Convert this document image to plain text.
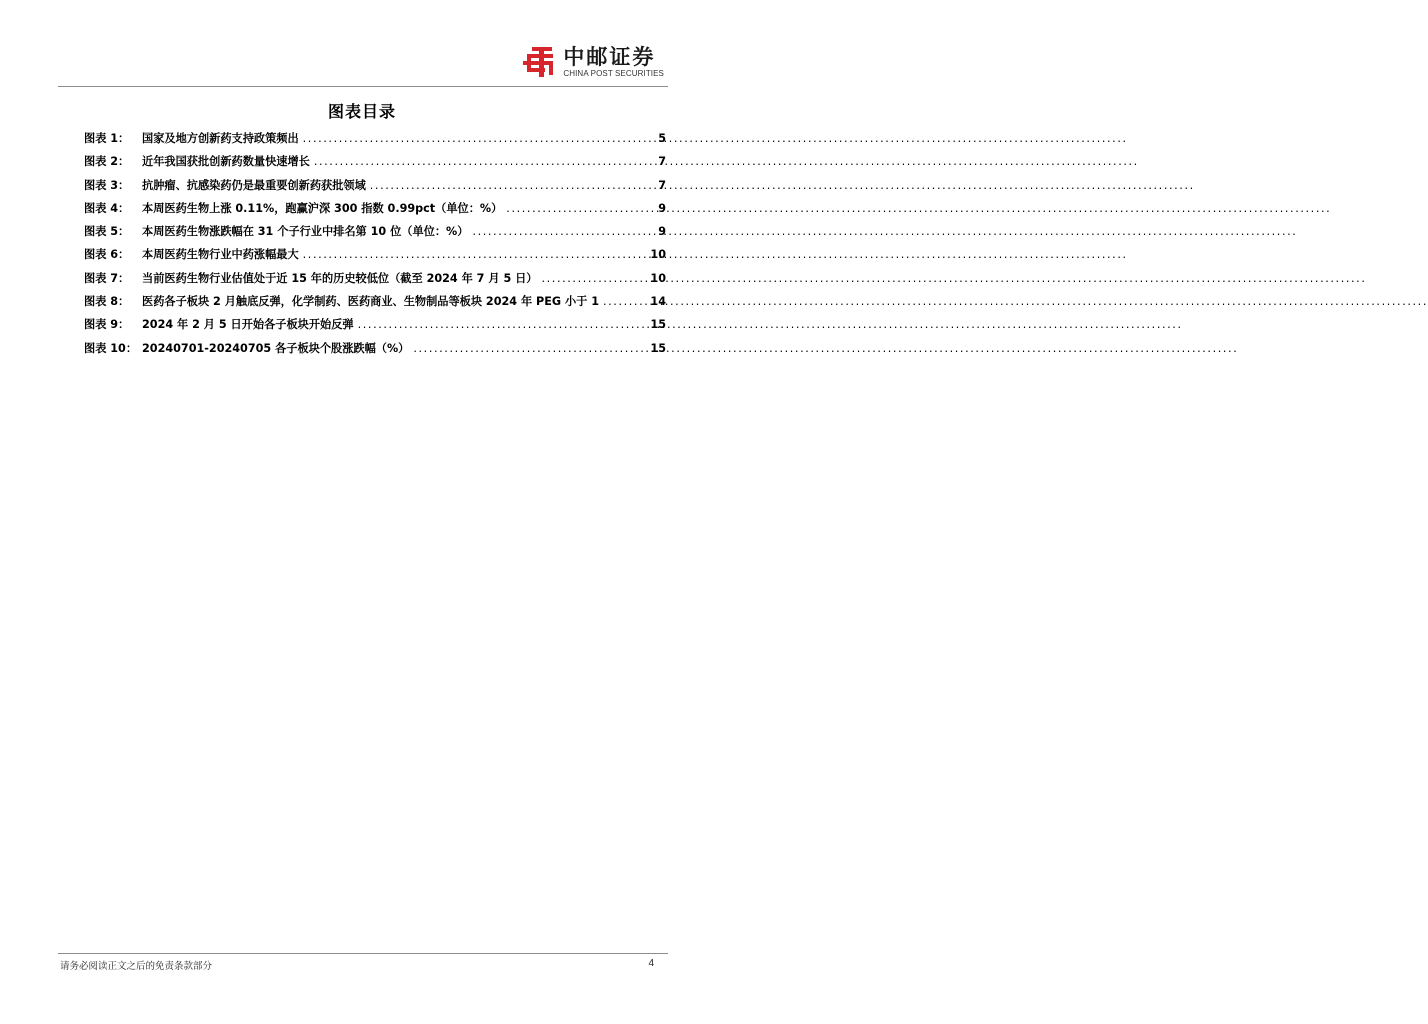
中邮证券
CHINA POST SECURITIES
图表目录
图表 1：	国家及地方创新药支持政策频出 .....	5
图表 2：	近年我国获批创新药数量快速增长 .....	7
图表 3：	抗肿瘤、抗感染药仍是最重要创新药获批领域 .....	7
图表 4：	本周医药生物上涨 0.11%，跑赢沪深 300 指数 0.99pct（单位：%） .....	9
图表 5：	本周医药生物涨跌幅在 31 个子行业中排名第 10 位（单位：%） .....	9
图表 6：	本周医药生物行业中药涨幅最大 .....	10
图表 7：	当前医药生物行业估值处于近 15 年的历史较低位（截至 2024 年 7 月 5 日） .....	10
图表 8：	医药各子板块 2 月触底反弹，化学制药、医药商业、生物制品等板块 2024 年 PEG 小于 1 .....	14
图表 9：	2024 年 2 月 5 日开始各子板块开始反弹 .....	15
图表 10： 20240701-20240705 各子板块个股涨跌幅（%） .....	15
请务必阅读正文之后的免责条款部分	4
